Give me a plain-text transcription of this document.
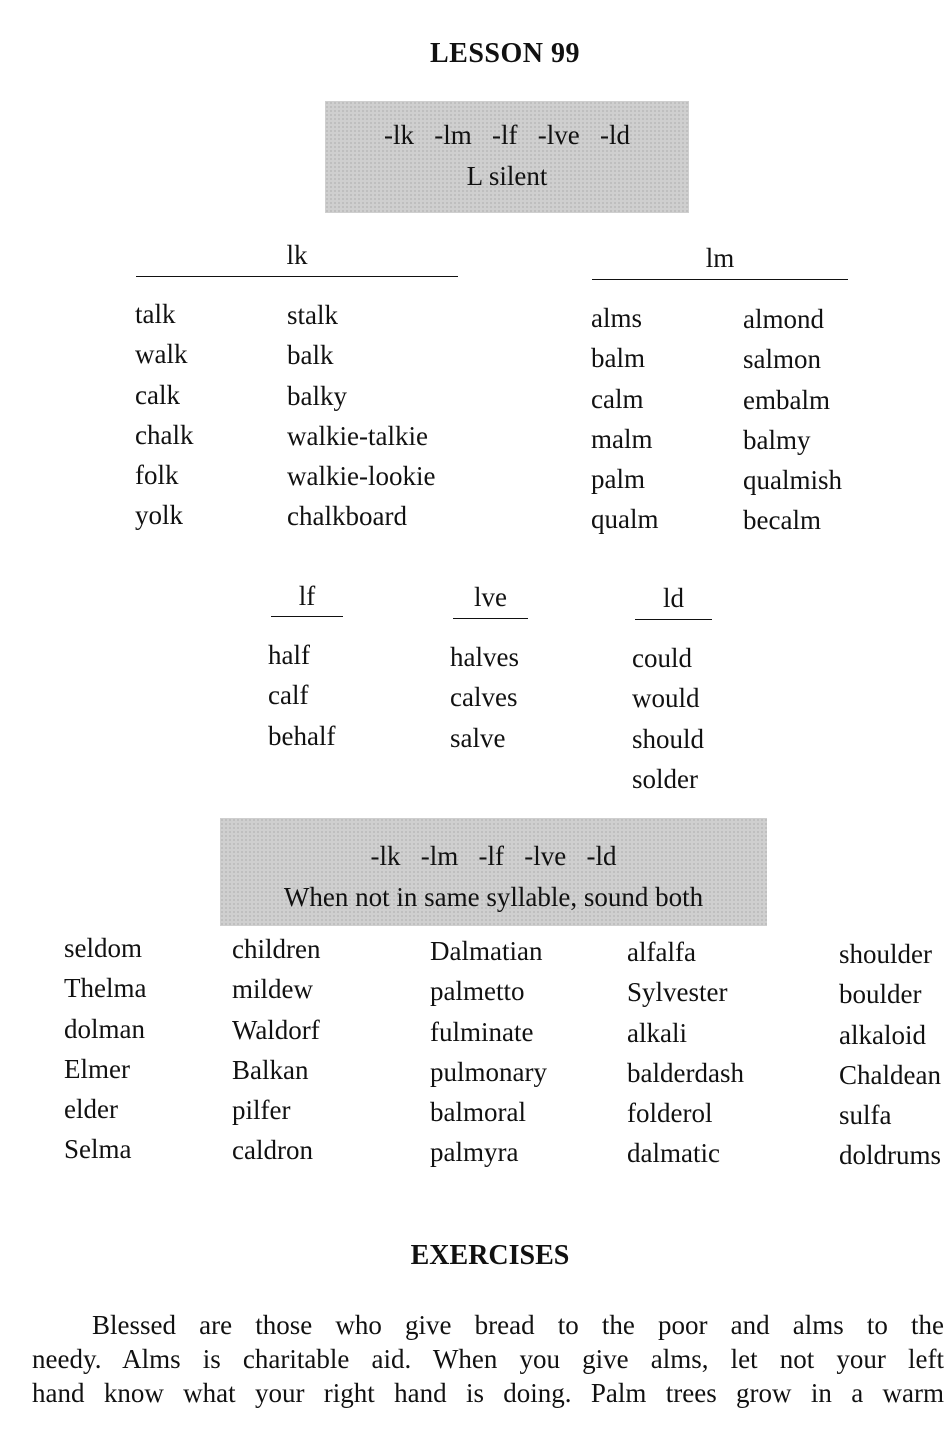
LESSON 99
-lk   -lm   -lf   -lve   -ld
L silent
lk
talk
walk
calk
chalk
folk
yolk
stalk
balk
balky
walkie-talkie
walkie-lookie
chalkboard
lm
alms
balm
calm
malm
palm
qualm
almond
salmon
embalm
balmy
qualmish
becalm
lf
half
calf
behalf
lve
halves
calves
salve
ld
could
would
should
solder
-lk   -lm   -lf   -lve   -ld
When not in same syllable, sound both
seldom
Thelma
dolman
Elmer
elder
Selma
children
mildew
Waldorf
Balkan
pilfer
caldron
Dalmatian
palmetto
fulminate
pulmonary
balmoral
palmyra
alfalfa
Sylvester
alkali
balderdash
folderol
dalmatic
shoulder
boulder
alkaloid
Chaldean
sulfa
doldrums
EXERCISES
Blessed are those who give bread to the poor and alms to the
needy. Alms is charitable aid. When you give alms, let not your left
hand know what your right hand is doing. Palm trees grow in a warm
